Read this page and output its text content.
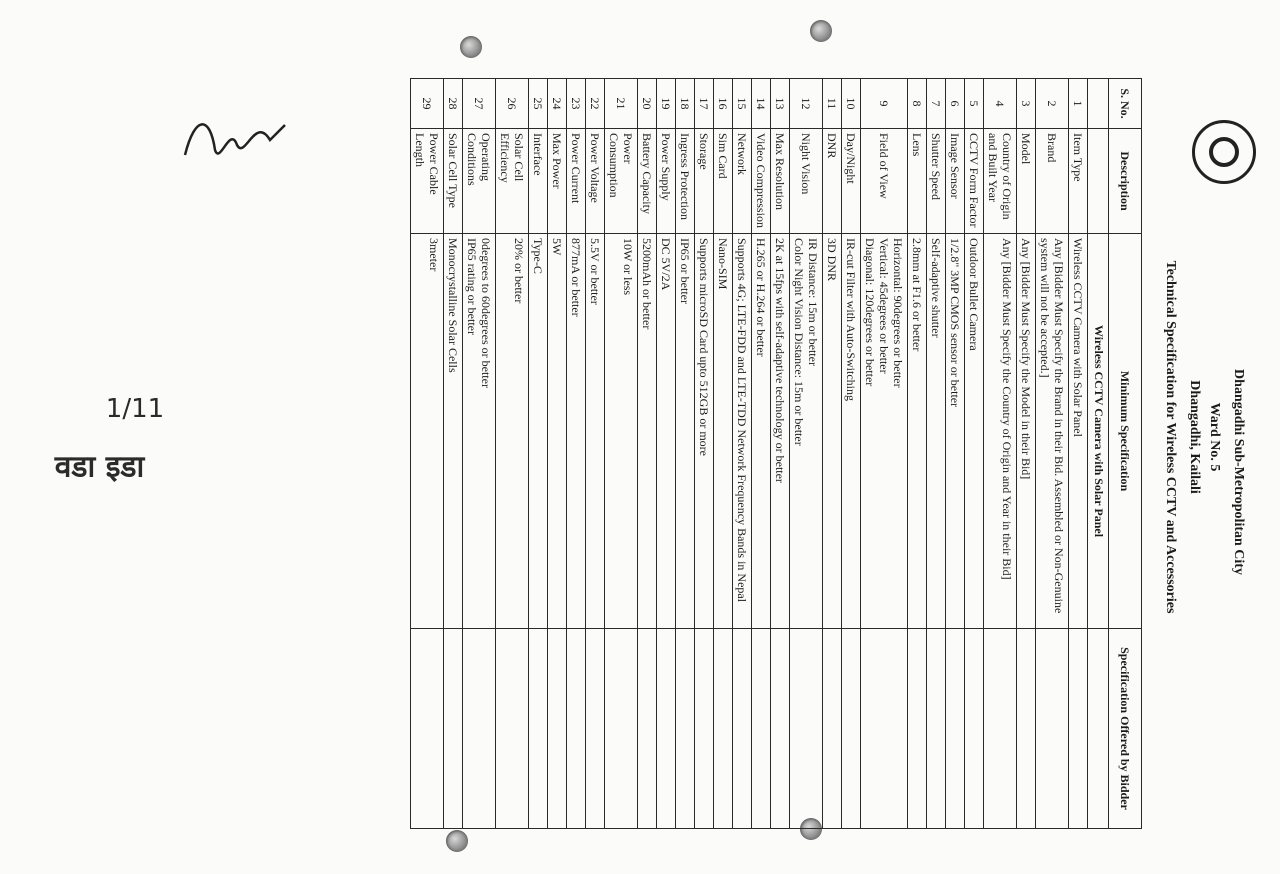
Dhangadhi Sub-Metropolitan City
Ward No. 5
Dhangadhi, Kailali
Technical Specification for Wireless CCTV and Accessories
S. No.	Description	Minimum Specification	Specification Offered by Bidder
		Wireless CCTV Camera with Solar Panel	
1	Item Type	Wireless CCTV Camera with Solar Panel	
2	Brand	Any [Bidder Must Specify the Brand in their Bid. Assembled or Non-Genuine system will not be accepted.]	
3	Model	Any [Bidder Must Specify the Model in their Bid]	
4	Country of Origin and Built Year	Any [Bidder Must Specify the Country of Origin and Year in their Bid]	
5	CCTV Form Factor	Outdoor Bullet Camera	
6	Image Sensor	1/2.8" 3MP CMOS sensor or better	
7	Shutter Speed	Self-adaptive shutter	
8	Lens	2.8mm at F1.6 or better	
9	Field of View	Horizontal: 90degrees or better
Vertical: 45degrees or better
Diagonal: 120degrees or better	
10	Day/Night	IR-cut Filter with Auto-Switching	
11	DNR	3D DNR	
12	Night Vision	IR Distance: 15m or better
Color Night Vision Distance: 15m or better	
13	Max Resolution	2K at 15fps with self-adaptive technology or better	
14	Video Compression	H.265 or H.264 or better	
15	Network	Supports 4G; LTE-FDD and LTE-TDD Network Frequency Bands in Nepal	
16	Sim Card	Nano-SIM	
17	Storage	Supports microSD Card upto 512GB or more	
18	Ingress Protection	IP65 or better	
19	Power Supply	DC 5V/2A	
20	Battery Capacity	5200mAh or better	
21	Power Consumption	10W or less	
22	Power Voltage	5.5V or better	
23	Power Current	877mA or better	
24	Max Power	5W	
25	Interface	Type-C	
26	Solar Cell Efficiency	20% or better	
27	Operating Conditions	0degrees to 60degrees or better
IP65 rating or better	
28	Solar Cell Type	Monocrystalline Solar Cells	
29	Power Cable Length	3meter	
1/11
वडा इडा
